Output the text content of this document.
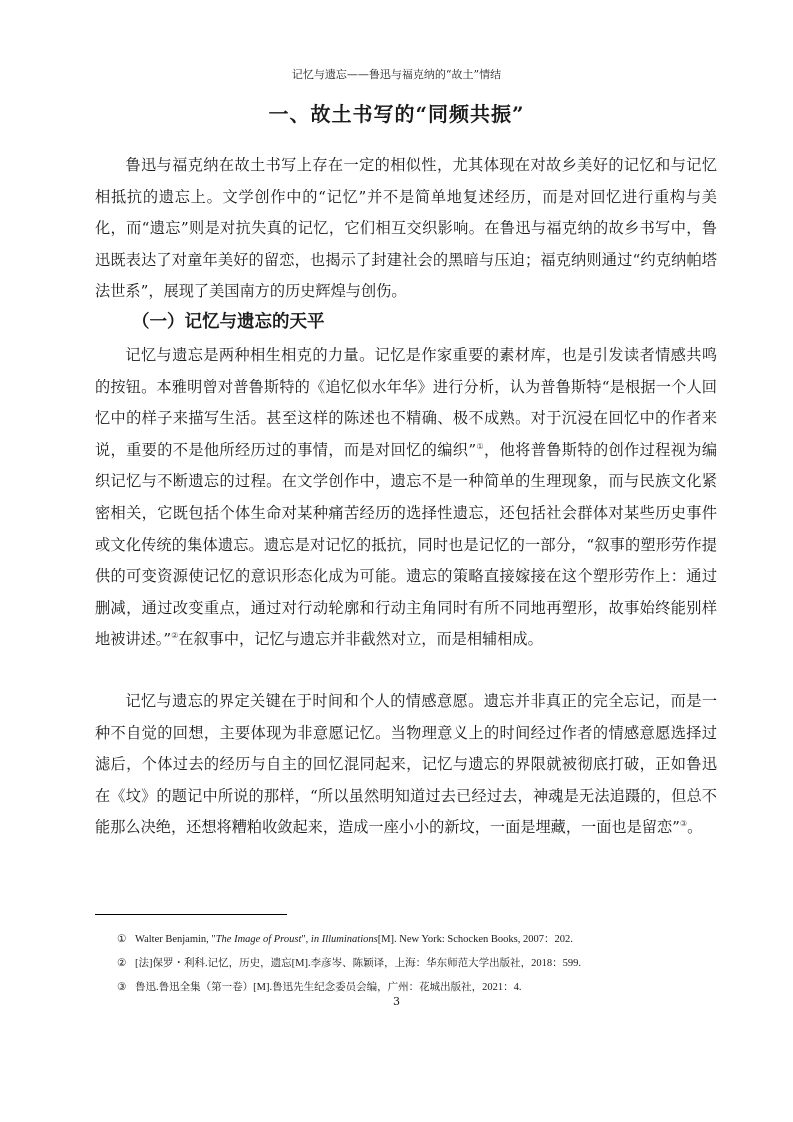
记忆与遗忘——鲁迅与福克纳的“故土”情结
一、故土书写的“同频共振”

鲁迅与福克纳在故土书写上存在一定的相似性，尤其体现在对故乡美好的记忆和与记忆相抵抗的遗忘上。文学创作中的“记忆”并不是简单地复述经历，而是对回忆进行重构与美化，而“遗忘”则是对抗失真的记忆，它们相互交织影响。在鲁迅与福克纳的故乡书写中，鲁迅既表达了对童年美好的留恋，也揭示了封建社会的黑暗与压迫；福克纳则通过“约克纳帕塔法世系”，展现了美国南方的历史辉煌与创伤。

（一）记忆与遗忘的天平

记忆与遗忘是两种相生相克的力量。记忆是作家重要的素材库，也是引发读者情感共鸣的按钮。本雅明曾对普鲁斯特的《追忆似水年华》进行分析，认为普鲁斯特“是根据一个人回忆中的样子来描写生活。甚至这样的陈述也不精确、极不成熟。对于沉浸在回忆中的作者来说，重要的不是他所经历过的事情，而是对回忆的编织”①，他将普鲁斯特的创作过程视为编织记忆与不断遗忘的过程。在文学创作中，遗忘不是一种简单的生理现象，而与民族文化紧密相关，它既包括个体生命对某种痛苦经历的选择性遗忘，还包括社会群体对某些历史事件或文化传统的集体遗忘。遗忘是对记忆的抵抗，同时也是记忆的一部分，“叙事的塑形劳作提供的可变资源使记忆的意识形态化成为可能。遗忘的策略直接嫁接在这个塑形劳作上：通过删减，通过改变重点，通过对行动轮廓和行动主角同时有所不同地再塑形，故事始终能别样地被讲述。”②在叙事中，记忆与遗忘并非截然对立，而是相辅相成。

记忆与遗忘的界定关键在于时间和个人的情感意愿。遗忘并非真正的完全忘记，而是一种不自觉的回想，主要体现为非意愿记忆。当物理意义上的时间经过作者的情感意愿选择过滤后，个体过去的经历与自主的回忆混同起来，记忆与遗忘的界限就被彻底打破，正如鲁迅在《坟》的题记中所说的那样，“所以虽然明知道过去已经过去，神魂是无法追蹑的，但总不能那么决绝，还想将糟粕收敛起来，造成一座小小的新坟，一面是埋藏，一面也是留恋”③。

① Walter Benjamin, "The Image of Proust", in Illuminations[M]. New York: Schocken Books, 2007：202.
② [法]保罗・利科.记忆，历史，遗忘[M].李彦岑、陈颖译，上海：华东师范大学出版社，2018：599.
③ 鲁迅.鲁迅全集（第一卷）[M].鲁迅先生纪念委员会编，广州：花城出版社，2021：4.
3
